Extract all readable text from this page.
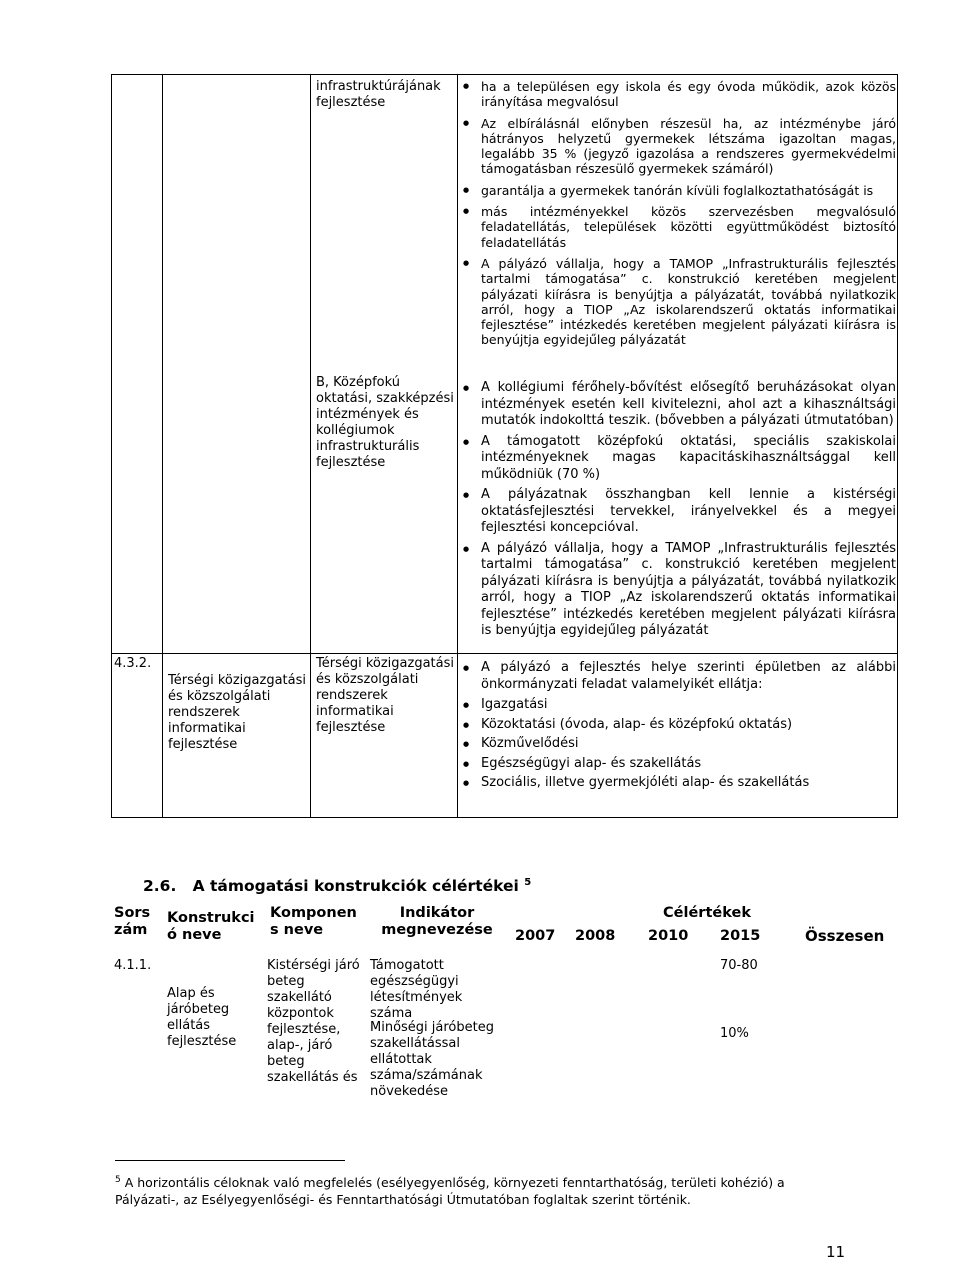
infrastruktúrájának fejlesztése
● ha a településen egy iskola és egy óvoda működik, azok közös irányítása megvalósul
● Az elbírálásnál előnyben részesül ha, az intézménybe járó hátrányos helyzetű gyermekek létszáma igazoltan magas, legalább 35 % (jegyző igazolása a rendszeres gyermekvédelmi támogatásban részesülő gyermekek számáról)
● garantálja a gyermekek tanórán kívüli foglalkoztathatóságát is
● más intézményekkel közös szervezésben megvalósuló feladatellátás, települések közötti együttműködést biztosító feladatellátás
● A pályázó vállalja, hogy a TAMOP „Infrastrukturális fejlesztés tartalmi támogatása” c. konstrukció keretében megjelent pályázati kiírásra is benyújtja a pályázatát, továbbá nyilatkozik arról, hogy a TIOP „Az iskolarendszerű oktatás informatikai fejlesztése” intézkedés keretében megjelent pályázati kiírásra is benyújtja egyidejűleg pályázatát
B, Középfokú oktatási, szakképzési intézmények és kollégiumok infrastrukturális fejlesztése
● A kollégiumi férőhely-bővítést elősegítő beruházásokat olyan intézmények esetén kell kivitelezni, ahol azt a kihasználtsági mutatók indokolttá teszik. (bővebben a pályázati útmutatóban)
● A támogatott középfokú oktatási, speciális szakiskolai intézményeknek magas kapacitáskihasználtsággal kell működniük (70 %)
● A pályázatnak összhangban kell lennie a kistérségi oktatásfejlesztési tervekkel, irányelvekkel és a megyei fejlesztési koncepcióval.
● A pályázó vállalja, hogy a TAMOP „Infrastrukturális fejlesztés tartalmi támogatása” c. konstrukció keretében megjelent pályázati kiírásra is benyújtja a pályázatát, továbbá nyilatkozik arról, hogy a TIOP „Az iskolarendszerű oktatás informatikai fejlesztése” intézkedés keretében megjelent pályázati kiírásra is benyújtja egyidejűleg pályázatát
4.3.2.
Térségi közigazgatási és közszolgálati rendszerek informatikai fejlesztése
Térségi közigazgatási és közszolgálati rendszerek informatikai fejlesztése
● A pályázó a fejlesztés helye szerinti épületben az alábbi önkormányzati feladat valamelyikét ellátja:
● Igazgatási
● Közoktatási (óvoda, alap- és középfokú oktatás)
● Közművelődési
● Egészségügyi alap- és szakellátás
● Szociális, illetve gyermekjóléti alap- és szakellátás
2.6. A támogatási konstrukciók célértékei $^5$
Sorszám
Konstrukció neve
Komponens neve
Indikátor megnevezése
Célértékek
2007 2008 2010 2015	Összesen
4.1.1.
Alap és járóbeteg ellátás fejlesztése
Kistérségi járó beteg szakellátó központok fejlesztése, alap-, járó beteg szakellátás és
Támogatott egészségügyi létesítmények száma
Minőségi járóbeteg szakellátással ellátottak száma/számának növekedése
70-80
10%
$^5$ A horizontális céloknak való megfelelés (esélyegyenlőség, környezeti fenntarthatóság, területi kohézió) a Pályázati-, az Esélyegyenlőségi- és Fenntarthatósági Útmutatóban foglaltak szerint történik.
11
